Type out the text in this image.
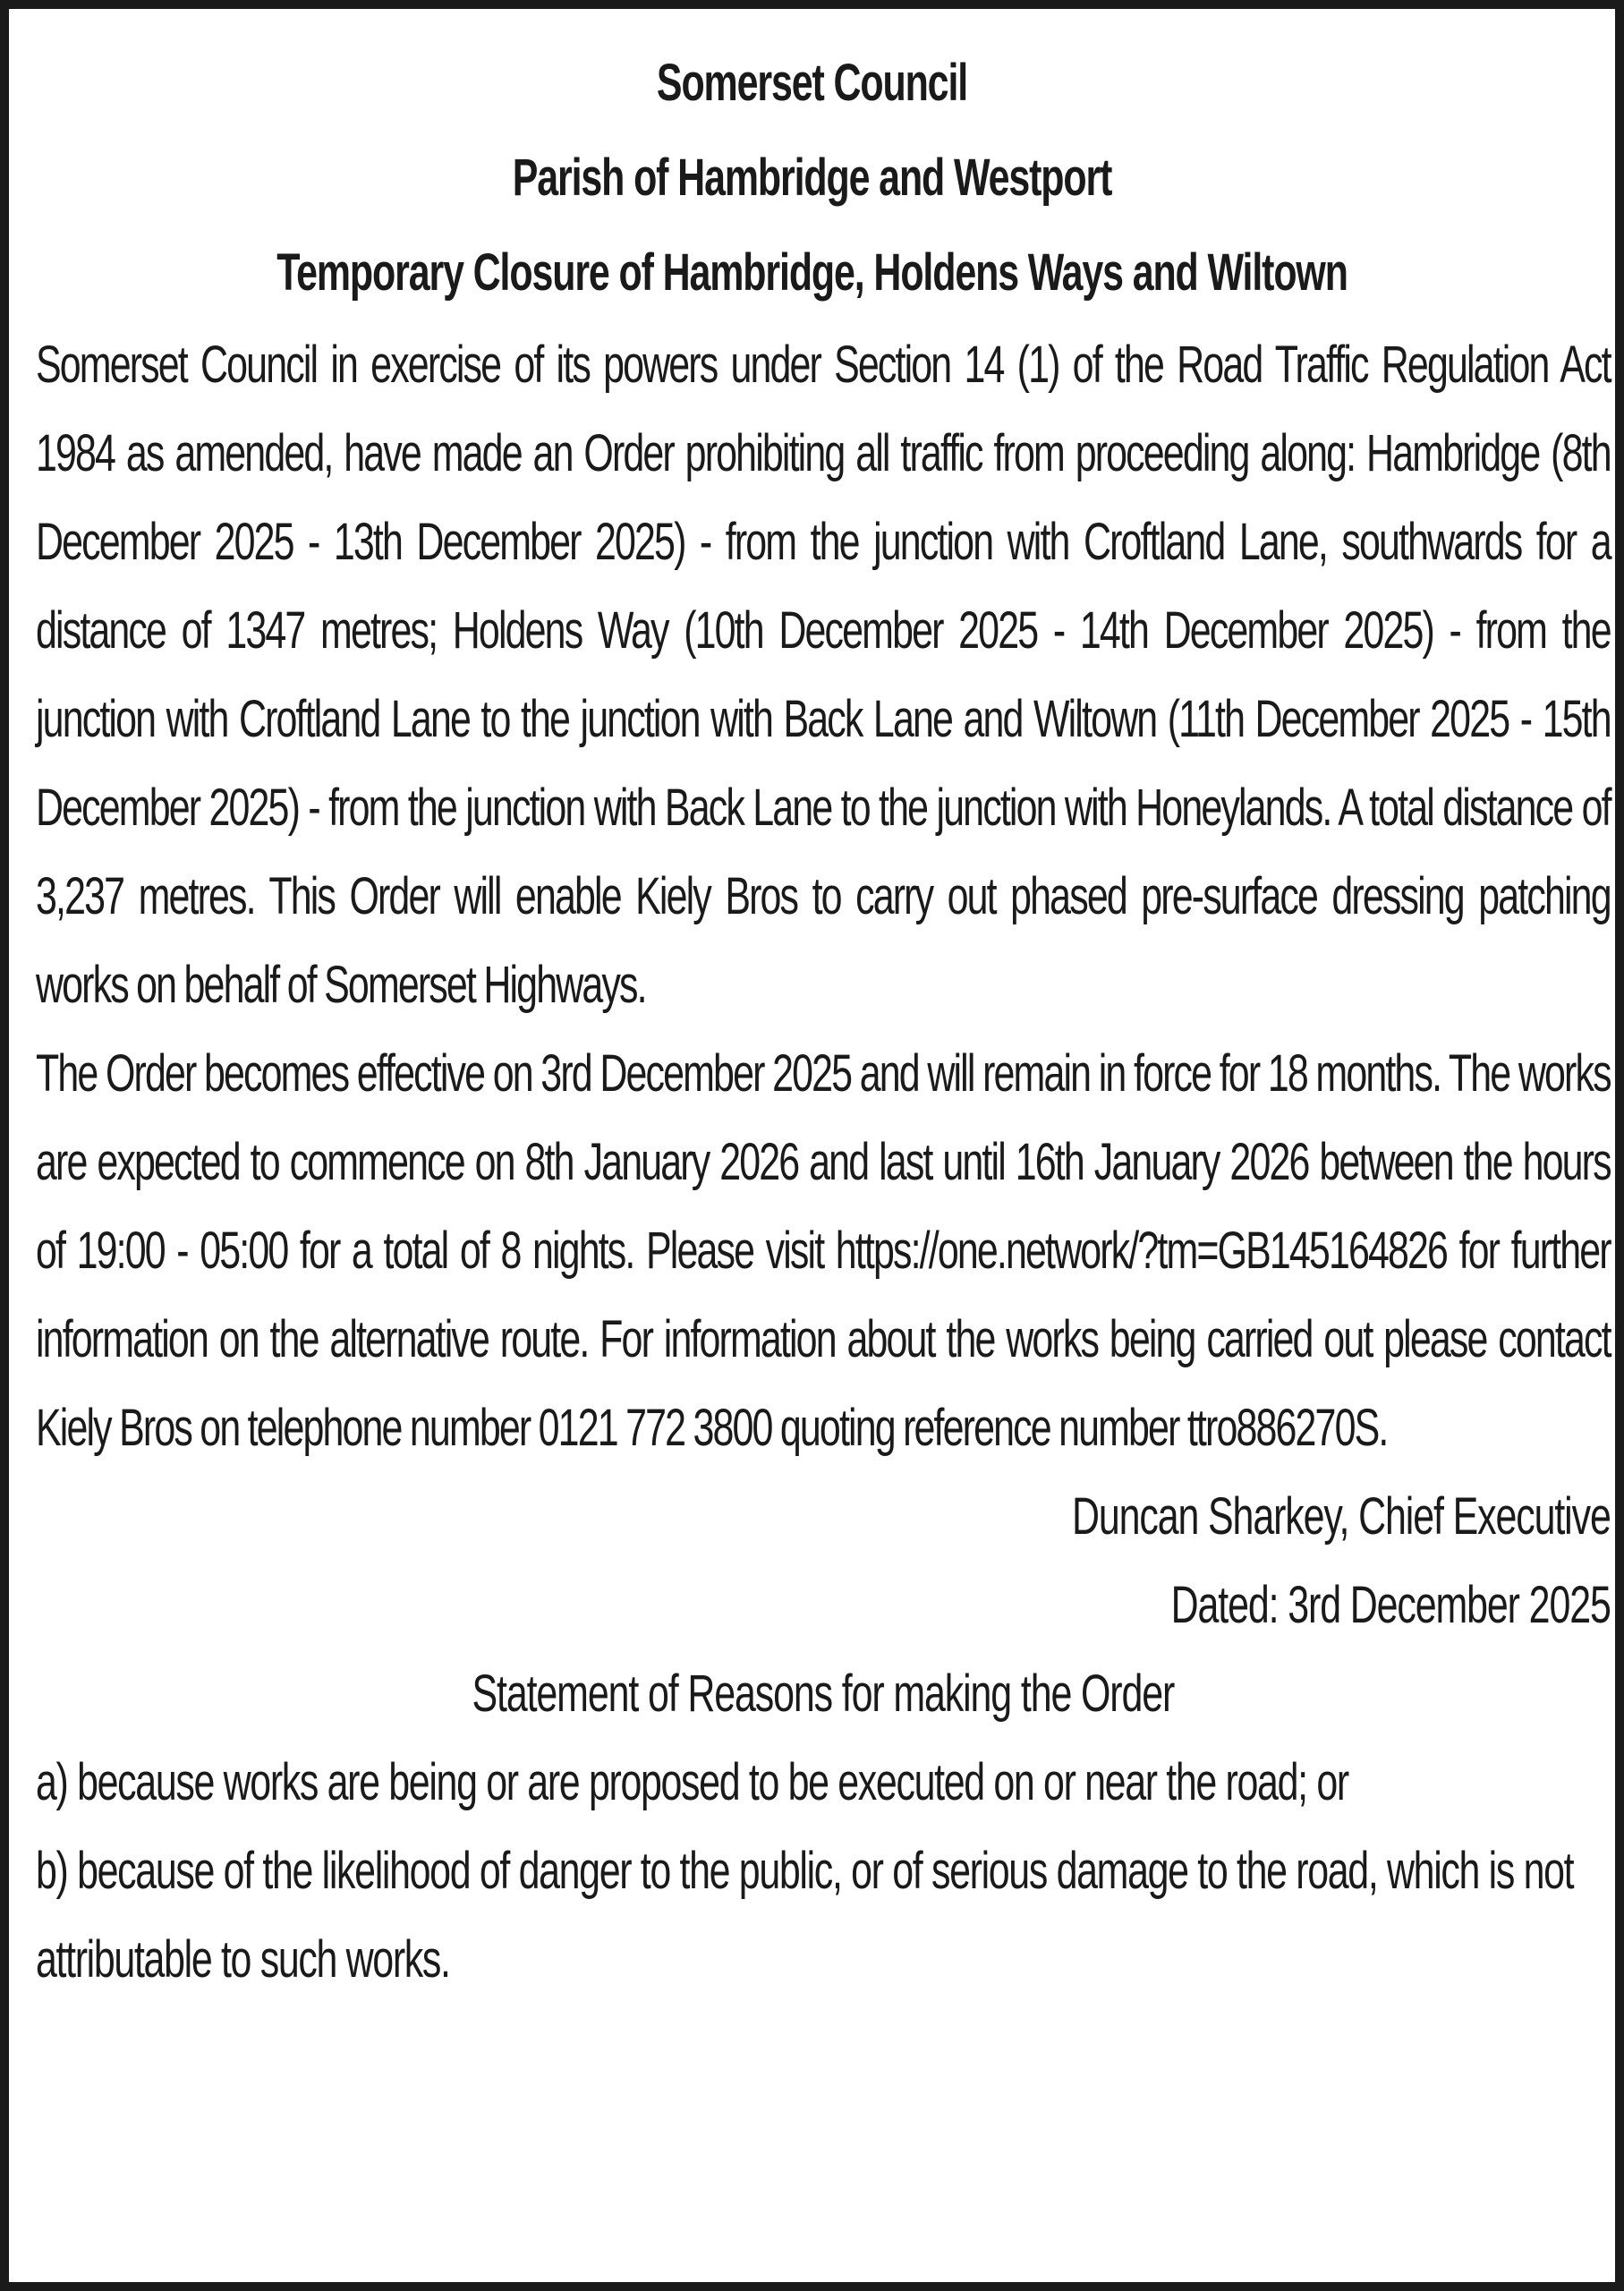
Somerset Council

Parish of Hambridge and Westport

Temporary Closure of Hambridge, Holdens Ways and Wiltown

Somerset Council in exercise of its powers under Section 14 (1) of the Road Traffic Regulation Act 1984 as amended, have made an Order prohibiting all traffic from proceeding along: Hambridge (8th December 2025 - 13th December 2025) - from the junction with Croftland Lane, southwards for a distance of 1347 metres; Holdens Way (10th December 2025 - 14th December 2025) - from the junction with Croftland Lane to the junction with Back Lane and Wiltown (11th December 2025 - 15th December 2025) - from the junction with Back Lane to the junction with Honeylands. A total distance of 3,237 metres. This Order will enable Kiely Bros to carry out phased pre-surface dressing patching works on behalf of Somerset Highways.

The Order becomes effective on 3rd December 2025 and will remain in force for 18 months. The works are expected to commence on 8th January 2026 and last until 16th January 2026 between the hours of 19:00 - 05:00 for a total of 8 nights. Please visit https://one.network/?tm=GB145164826 for further information on the alternative route. For information about the works being carried out please contact Kiely Bros on telephone number 0121 772 3800 quoting reference number ttro886270S.

Duncan Sharkey, Chief Executive

Dated: 3rd December 2025

Statement of Reasons for making the Order

a) because works are being or are proposed to be executed on or near the road; or

b) because of the likelihood of danger to the public, or of serious damage to the road, which is not attributable to such works.
